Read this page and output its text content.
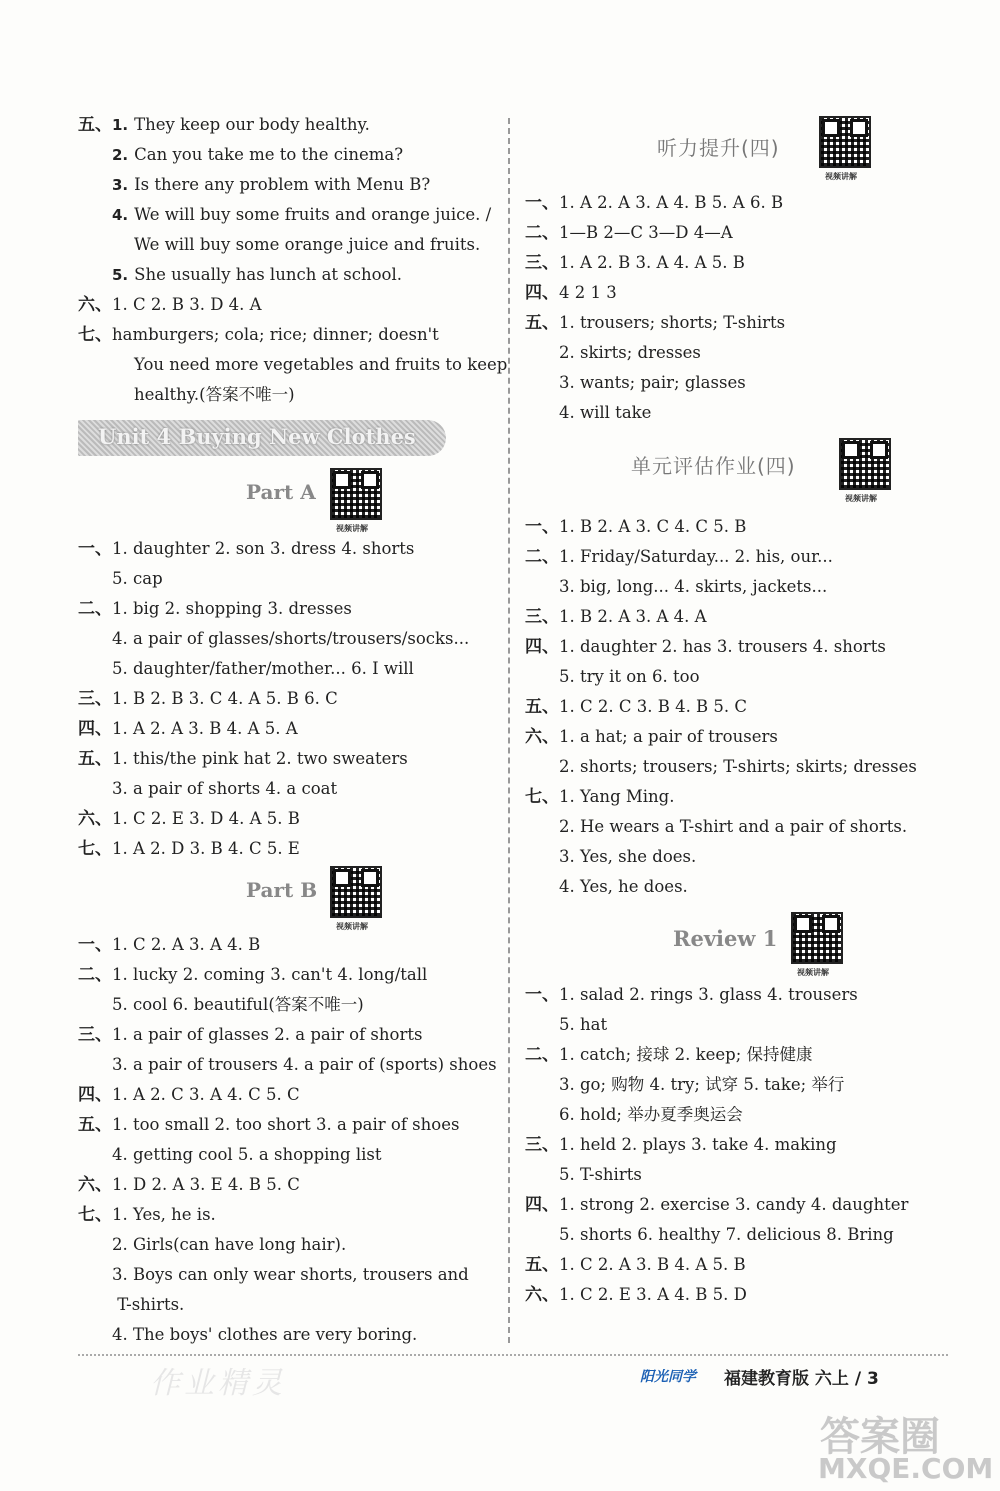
五、1. They keep our body healthy.
2. Can you take me to the cinema?
3. Is there any problem with Menu B?
4. We will buy some fruits and orange juice. /
We will buy some orange juice and fruits.
5. She usually has lunch at school.
六、1. C 2. B 3. D 4. A
七、hamburgers; cola; rice; dinner; doesn't
You need more vegetables and fruits to keep
healthy.(答案不唯一)
Unit 4 Buying New Clothes
Part A
视频讲解
一、1. daughter 2. son 3. dress 4. shorts
5. cap
二、1. big 2. shopping 3. dresses
4. a pair of glasses/shorts/trousers/socks...
5. daughter/father/mother... 6. I will
三、1. B 2. B 3. C 4. A 5. B 6. C
四、1. A 2. A 3. B 4. A 5. A
五、1. this/the pink hat 2. two sweaters
3. a pair of shorts 4. a coat
六、1. C 2. E 3. D 4. A 5. B
七、1. A 2. D 3. B 4. C 5. E
Part B
视频讲解
一、1. C 2. A 3. A 4. B
二、1. lucky 2. coming 3. can't 4. long/tall
5. cool 6. beautiful(答案不唯一)
三、1. a pair of glasses 2. a pair of shorts
3. a pair of trousers 4. a pair of (sports) shoes
四、1. A 2. C 3. A 4. C 5. C
五、1. too small 2. too short 3. a pair of shoes
4. getting cool 5. a shopping list
六、1. D 2. A 3. E 4. B 5. C
七、1. Yes, he is.
2. Girls(can have long hair).
3. Boys can only wear shorts, trousers and
T-shirts.
4. The boys' clothes are very boring.
听力提升(四)
视频讲解
一、1. A 2. A 3. A 4. B 5. A 6. B
二、1—B 2—C 3—D 4—A
三、1. A 2. B 3. A 4. A 5. B
四、4 2 1 3
五、1. trousers; shorts; T-shirts
2. skirts; dresses
3. wants; pair; glasses
4. will take
单元评估作业(四)
视频讲解
一、1. B 2. A 3. C 4. C 5. B
二、1. Friday/Saturday... 2. his, our...
3. big, long... 4. skirts, jackets...
三、1. B 2. A 3. A 4. A
四、1. daughter 2. has 3. trousers 4. shorts
5. try it on 6. too
五、1. C 2. C 3. B 4. B 5. C
六、1. a hat; a pair of trousers
2. shorts; trousers; T-shirts; skirts; dresses
七、1. Yang Ming.
2. He wears a T-shirt and a pair of shorts.
3. Yes, she does.
4. Yes, he does.
Review 1
视频讲解
一、1. salad 2. rings 3. glass 4. trousers
5. hat
二、1. catch; 接球 2. keep; 保持健康
3. go; 购物 4. try; 试穿 5. take; 举行
6. hold; 举办夏季奥运会
三、1. held 2. plays 3. take 4. making
5. T-shirts
四、1. strong 2. exercise 3. candy 4. daughter
5. shorts 6. healthy 7. delicious 8. Bring
五、1. C 2. A 3. B 4. A 5. B
六、1. C 2. E 3. A 4. B 5. D
作业精灵	阳光同学 福建教育版 六上 / 3
答案圈
MXQE.COM
